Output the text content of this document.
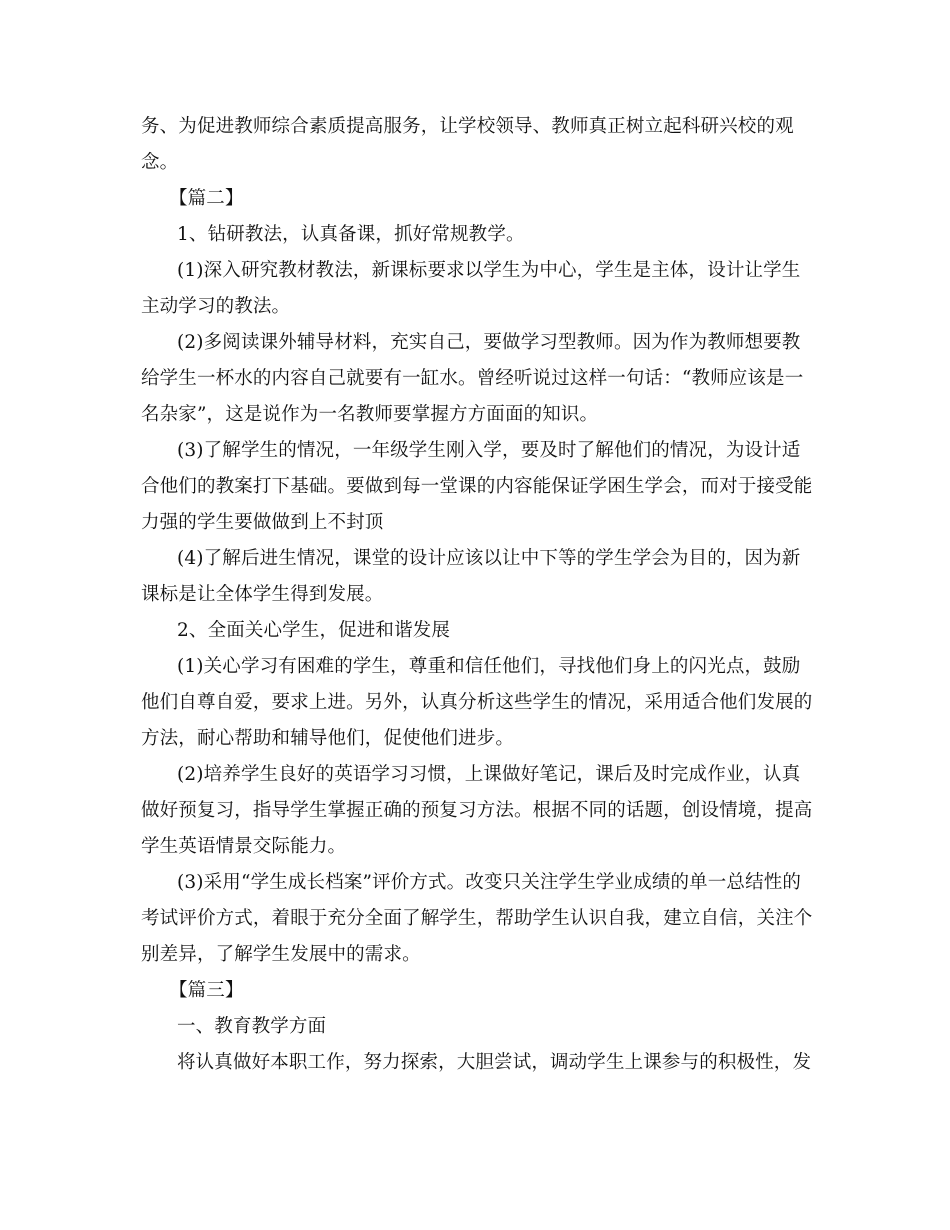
务、为促进教师综合素质提高服务，让学校领导、教师真正树立起科研兴校的观
念。
【篇二】
1、钻研教法，认真备课，抓好常规教学。
(1)深入研究教材教法，新课标要求以学生为中心，学生是主体，设计让学生
主动学习的教法。
(2)多阅读课外辅导材料，充实自己，要做学习型教师。因为作为教师想要教
给学生一杯水的内容自己就要有一缸水。曾经听说过这样一句话：“教师应该是一
名杂家”，这是说作为一名教师要掌握方方面面的知识。
(3)了解学生的情况，一年级学生刚入学，要及时了解他们的情况，为设计适
合他们的教案打下基础。要做到每一堂课的内容能保证学困生学会，而对于接受能
力强的学生要做做到上不封顶
(4)了解后进生情况，课堂的设计应该以让中下等的学生学会为目的，因为新
课标是让全体学生得到发展。
2、全面关心学生，促进和谐发展
(1)关心学习有困难的学生，尊重和信任他们，寻找他们身上的闪光点，鼓励
他们自尊自爱，要求上进。另外，认真分析这些学生的情况，采用适合他们发展的
方法，耐心帮助和辅导他们，促使他们进步。
(2)培养学生良好的英语学习习惯，上课做好笔记，课后及时完成作业，认真
做好预复习，指导学生掌握正确的预复习方法。根据不同的话题，创设情境，提高
学生英语情景交际能力。
(3)采用“学生成长档案”评价方式。改变只关注学生学业成绩的单一总结性的
考试评价方式，着眼于充分全面了解学生，帮助学生认识自我，建立自信，关注个
别差异，了解学生发展中的需求。
【篇三】
一、教育教学方面
将认真做好本职工作，努力探索，大胆尝试，调动学生上课参与的积极性，发
